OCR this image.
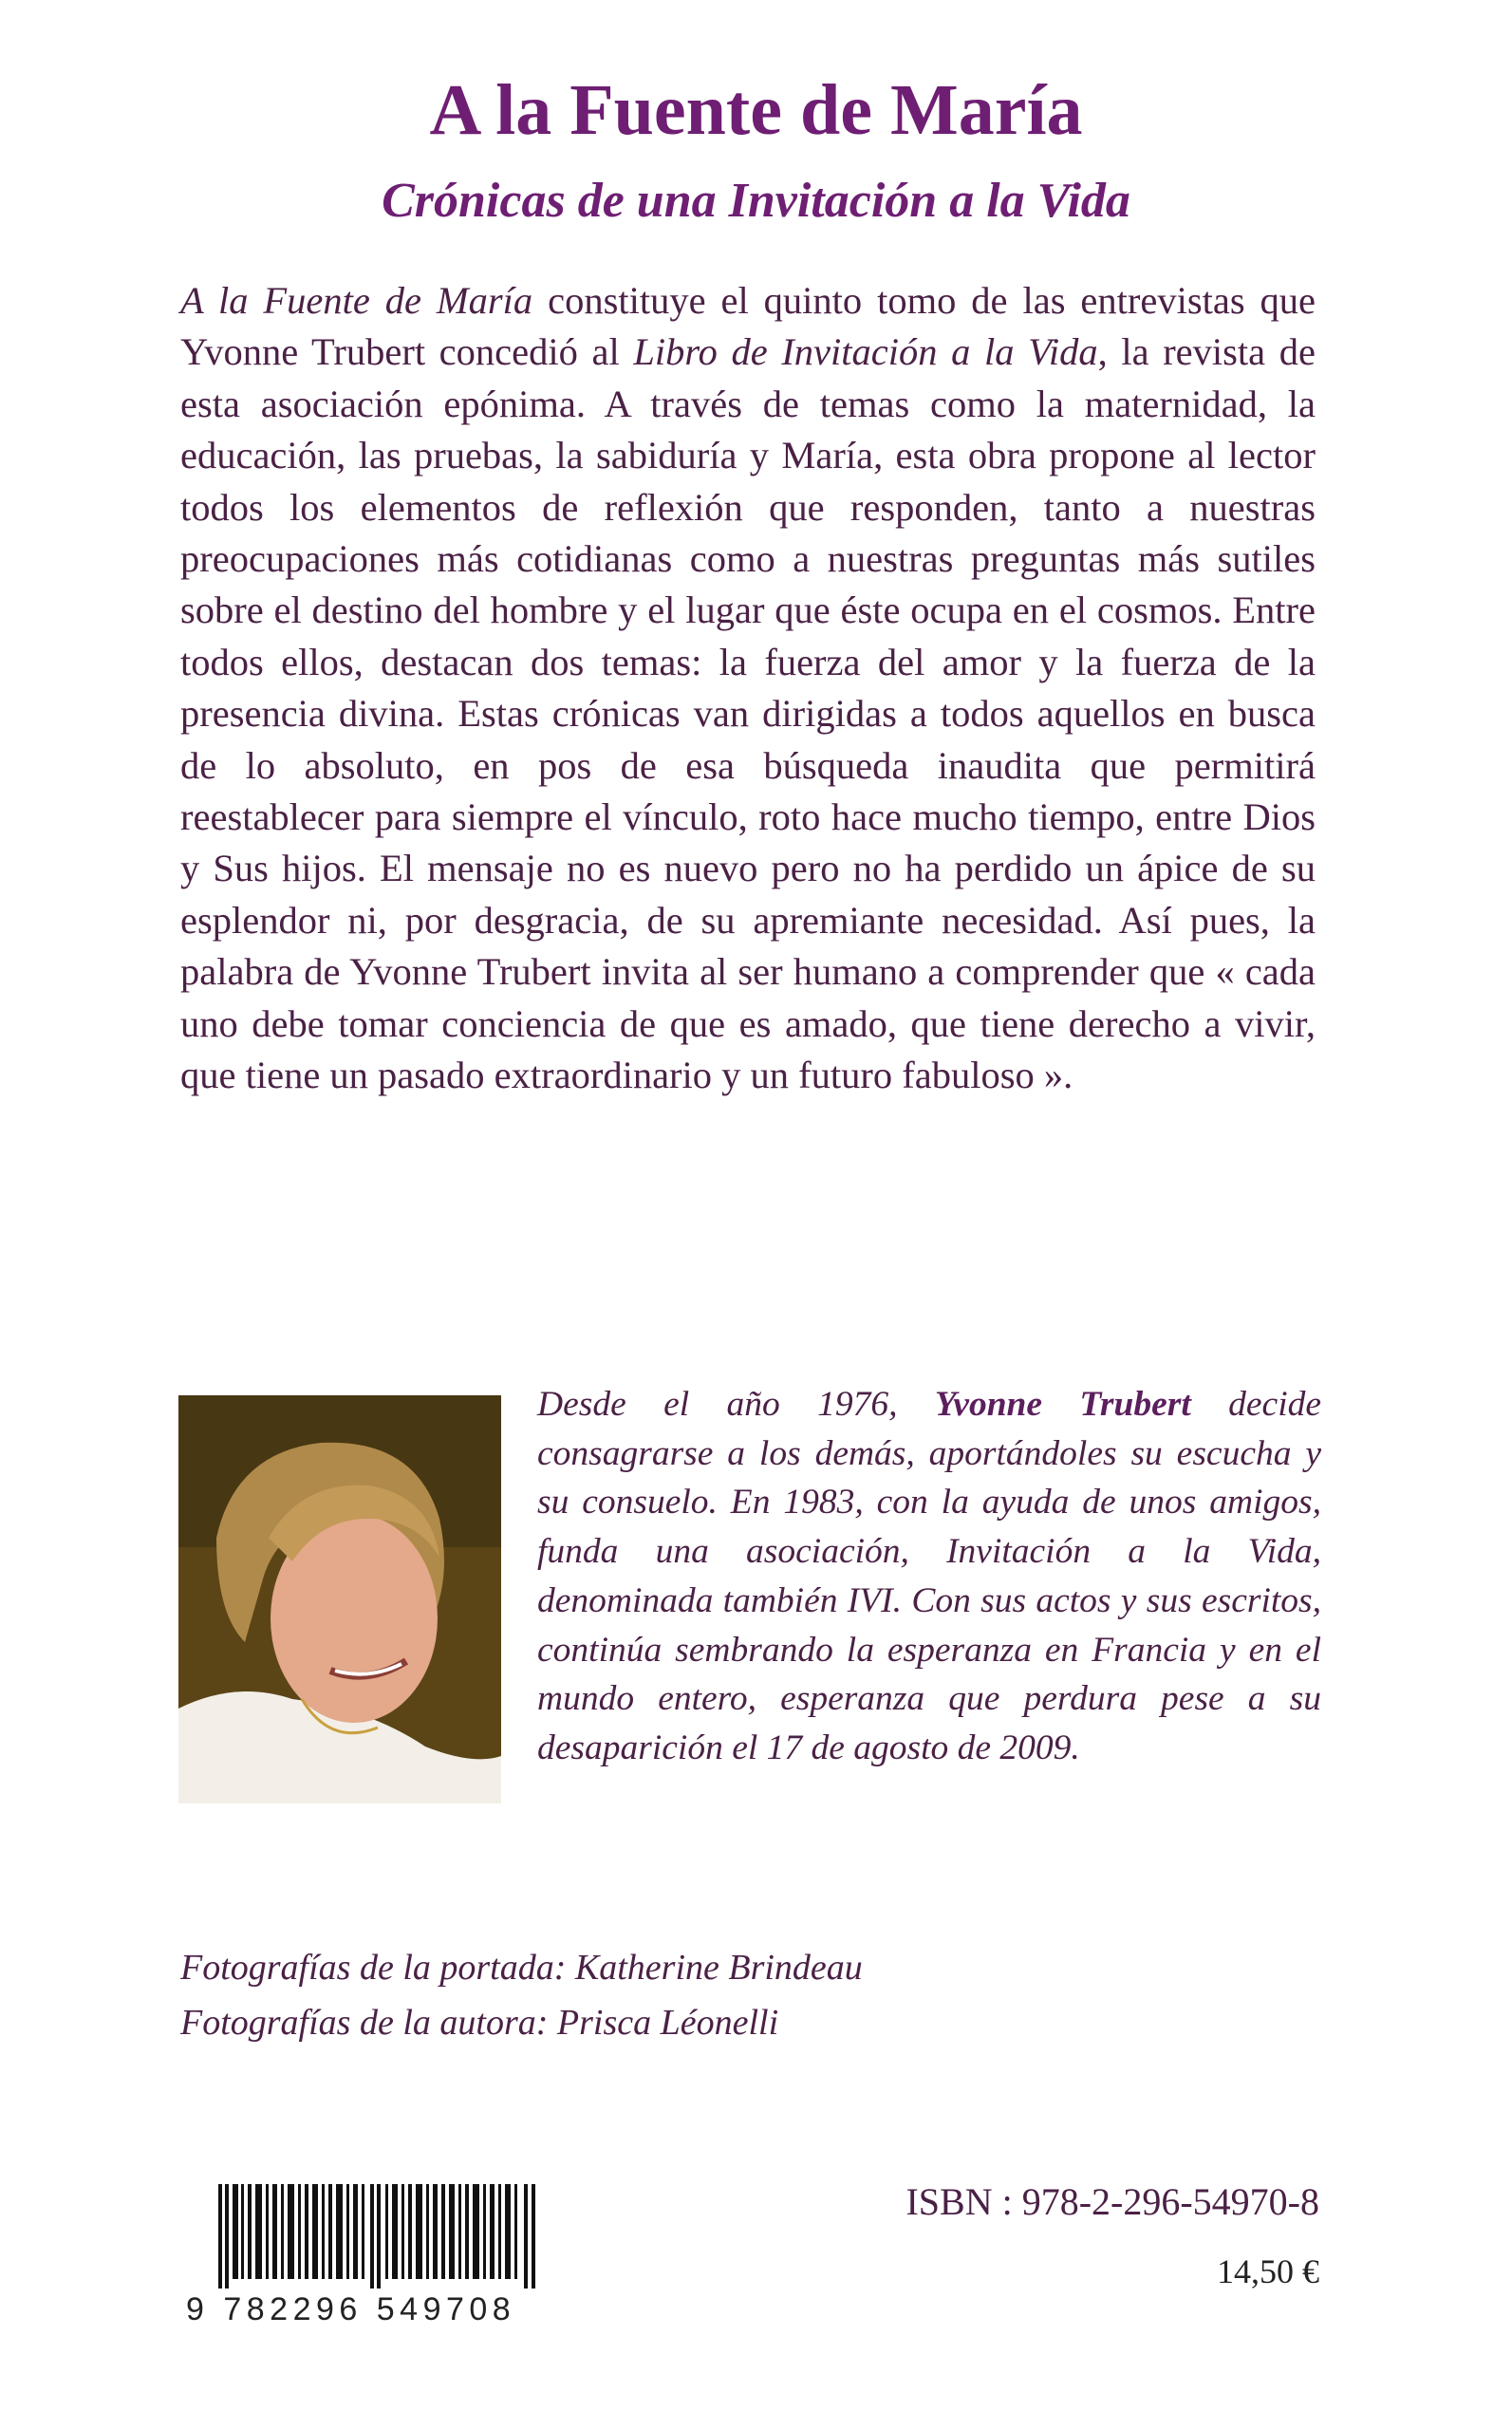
A la Fuente de María
Crónicas de una Invitación a la Vida

A la Fuente de María constituye el quinto tomo de las entrevistas que Yvonne Trubert concedió al Libro de Invitación a la Vida, la revista de esta asociación epónima. A través de temas como la maternidad, la educación, las pruebas, la sabiduría y María, esta obra propone al lector todos los elementos de reflexión que responden, tanto a nuestras preocupaciones más cotidianas como a nuestras preguntas más sutiles sobre el destino del hombre y el lugar que éste ocupa en el cosmos. Entre todos ellos, destacan dos temas: la fuerza del amor y la fuerza de la presencia divina. Estas crónicas van dirigidas a todos aquellos en busca de lo absoluto, en pos de esa búsqueda inaudita que permitirá reestablecer para siempre el vínculo, roto hace mucho tiempo, entre Dios y Sus hijos. El mensaje no es nuevo pero no ha perdido un ápice de su esplendor ni, por desgracia, de su apremiante necesidad. Así pues, la palabra de Yvonne Trubert invita al ser humano a comprender que « cada uno debe tomar conciencia de que es amado, que tiene derecho a vivir, que tiene un pasado extraordinario y un futuro fabuloso ».

Desde el año 1976, Yvonne Trubert decide consagrarse a los demás, aportándoles su escucha y su consuelo. En 1983, con la ayuda de unos amigos, funda una asociación, Invitación a la Vida, denominada también IVI. Con sus actos y sus escritos, continúa sembrando la esperanza en Francia y en el mundo entero, esperanza que perdura pese a su desaparición el 17 de agosto de 2009.

Fotografías de la portada: Katherine Brindeau

Fotografías de la autora: Prisca Léonelli

9 782296 549708

ISBN : 978-2-296-54970-8

14,50 €
